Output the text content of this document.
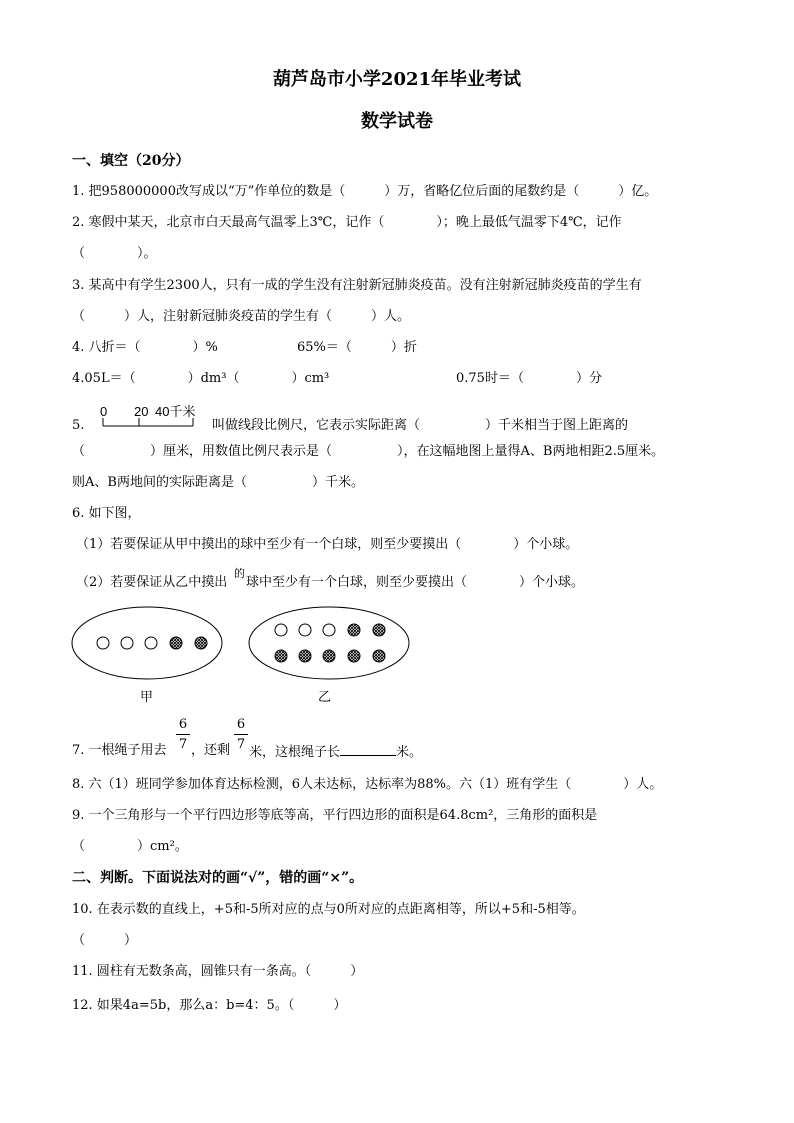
葫芦岛市小学2021年毕业考试
数学试卷
一、填空（20分）
1. 把958000000改写成以“万”作单位的数是（　　　）万，省略亿位后面的尾数约是（　　　）亿。
2. 寒假中某天，北京市白天最高气温零上3℃，记作（　　　　）；晚上最低气温零下4℃，记作
（　　　　）。
3. 某高中有学生2300人，只有一成的学生没有注射新冠肺炎疫苗。没有注射新冠肺炎疫苗的学生有
（　　　）人，注射新冠肺炎疫苗的学生有（　　　）人。
4. 八折＝（　　　　）%	65%＝（　　　）折
4.05L＝（　　　　）dm³（　　　　）cm³	0.75时＝（　　　　）分
5.
0 20 40千米
叫做线段比例尺，它表示实际距离（　　　　　）千米相当于图上距离的
（　　　　　）厘米，用数值比例尺表示是（　　　　　），在这幅地图上量得A、B两地相距2.5厘米。
则A、B两地间的实际距离是（　　　　　）千米。
6. 如下图，
（1）若要保证从甲中摸出的球中至少有一个白球，则至少要摸出（　　　　）个小球。
（2）若要保证从乙中摸出
的
球中至少有一个白球，则至少要摸出（　　　　）个小球。
甲	乙
7. 一根绳子用去
6
7 ，还剩
6
7
米，这根绳子长	米。
8. 六（1）班同学参加体育达标检测，6人未达标，达标率为88%。六（1）班有学生（　　　　）人。
9. 一个三角形与一个平行四边形等底等高，平行四边形的面积是64.8cm²，三角形的面积是
（　　　　）cm²。
二、判断。下面说法对的画“√”，错的画“×”。
10. 在表示数的直线上，+5和-5所对应的点与0所对应的点距离相等，所以+5和-5相等。
（　　　）
11. 圆柱有无数条高，圆锥只有一条高。（　　　）
12. 如果4a=5b，那么a：b=4：5。（　　　）
